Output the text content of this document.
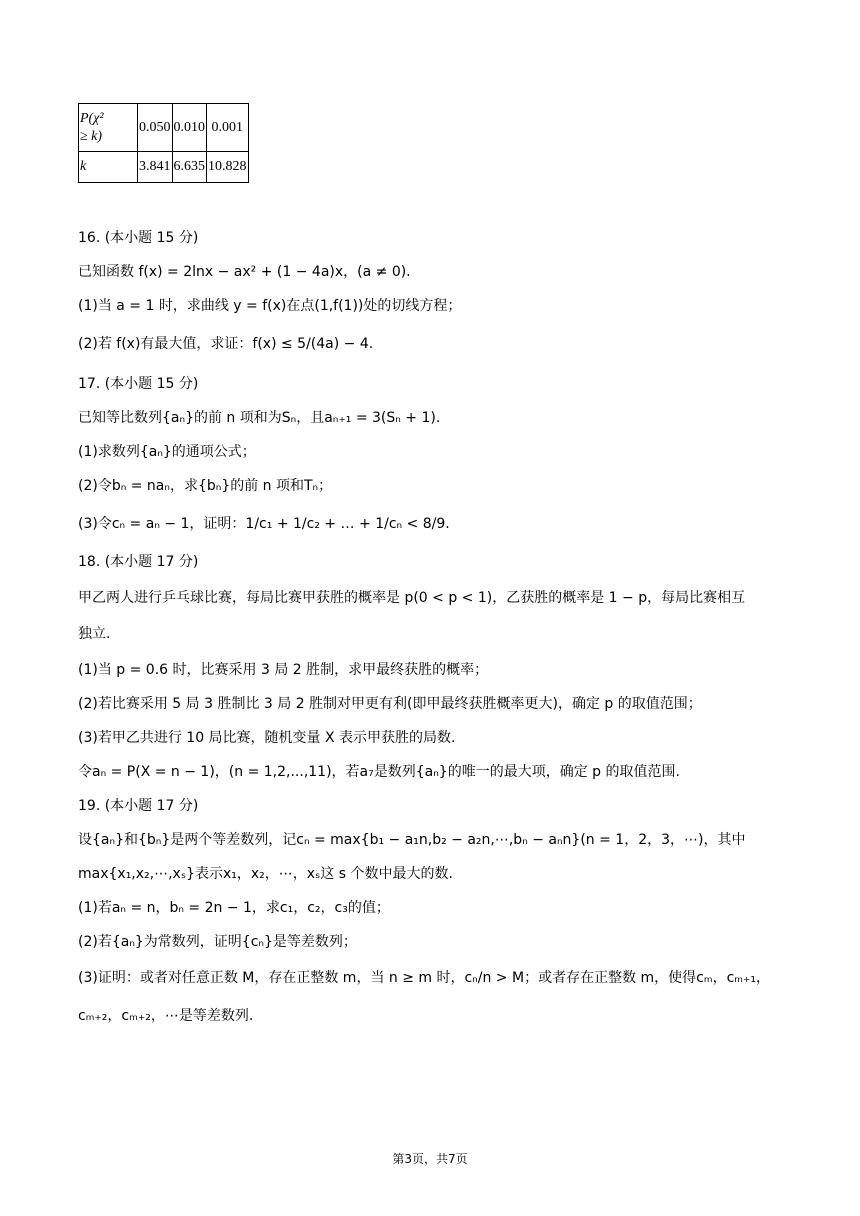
P(χ²
≥ k)	0.050	0.010	0.001
k	3.841	6.635	10.828
16. (本小题 15 分)
已知函数 f(x) = 2lnx − ax² + (1 − 4a)x，(a ≠ 0).
(1)当 a = 1 时，求曲线 y = f(x)在点(1,f(1))处的切线方程；
(2)若 f(x)有最大值，求证：f(x) ≤ 5/(4a) − 4.
17. (本小题 15 分)
已知等比数列{aₙ}的前 n 项和为Sₙ，且aₙ₊₁ = 3(Sₙ + 1).
(1)求数列{aₙ}的通项公式；
(2)令bₙ = naₙ，求{bₙ}的前 n 项和Tₙ；
(3)令cₙ = aₙ − 1，证明：1/c₁ + 1/c₂ + … + 1/cₙ < 8/9.
18. (本小题 17 分)
甲乙两人进行乒乓球比赛，每局比赛甲获胜的概率是 p(0 < p < 1)，乙获胜的概率是 1 − p，每局比赛相互
独立.
(1)当 p = 0.6 时，比赛采用 3 局 2 胜制，求甲最终获胜的概率；
(2)若比赛采用 5 局 3 胜制比 3 局 2 胜制对甲更有利(即甲最终获胜概率更大)，确定 p 的取值范围；
(3)若甲乙共进行 10 局比赛，随机变量 X 表示甲获胜的局数.
令aₙ = P(X = n − 1)，(n = 1,2,...,11)，若a₇是数列{aₙ}的唯一的最大项，确定 p 的取值范围.
19. (本小题 17 分)
设{aₙ}和{bₙ}是两个等差数列，记cₙ = max{b₁ − a₁n,b₂ − a₂n,⋯,bₙ − aₙn}(n = 1，2，3，⋯)，其中
max{x₁,x₂,⋯,xₛ}表示x₁，x₂，⋯，xₛ这 s 个数中最大的数.
(1)若aₙ = n，bₙ = 2n − 1，求c₁，c₂，c₃的值；
(2)若{aₙ}为常数列，证明{cₙ}是等差数列；
(3)证明：或者对任意正数 M，存在正整数 m，当 n ≥ m 时，cₙ/n > M；或者存在正整数 m，使得cₘ，cₘ₊₁，
cₘ₊₂，cₘ₊₂，⋯是等差数列.
第3页，共7页
